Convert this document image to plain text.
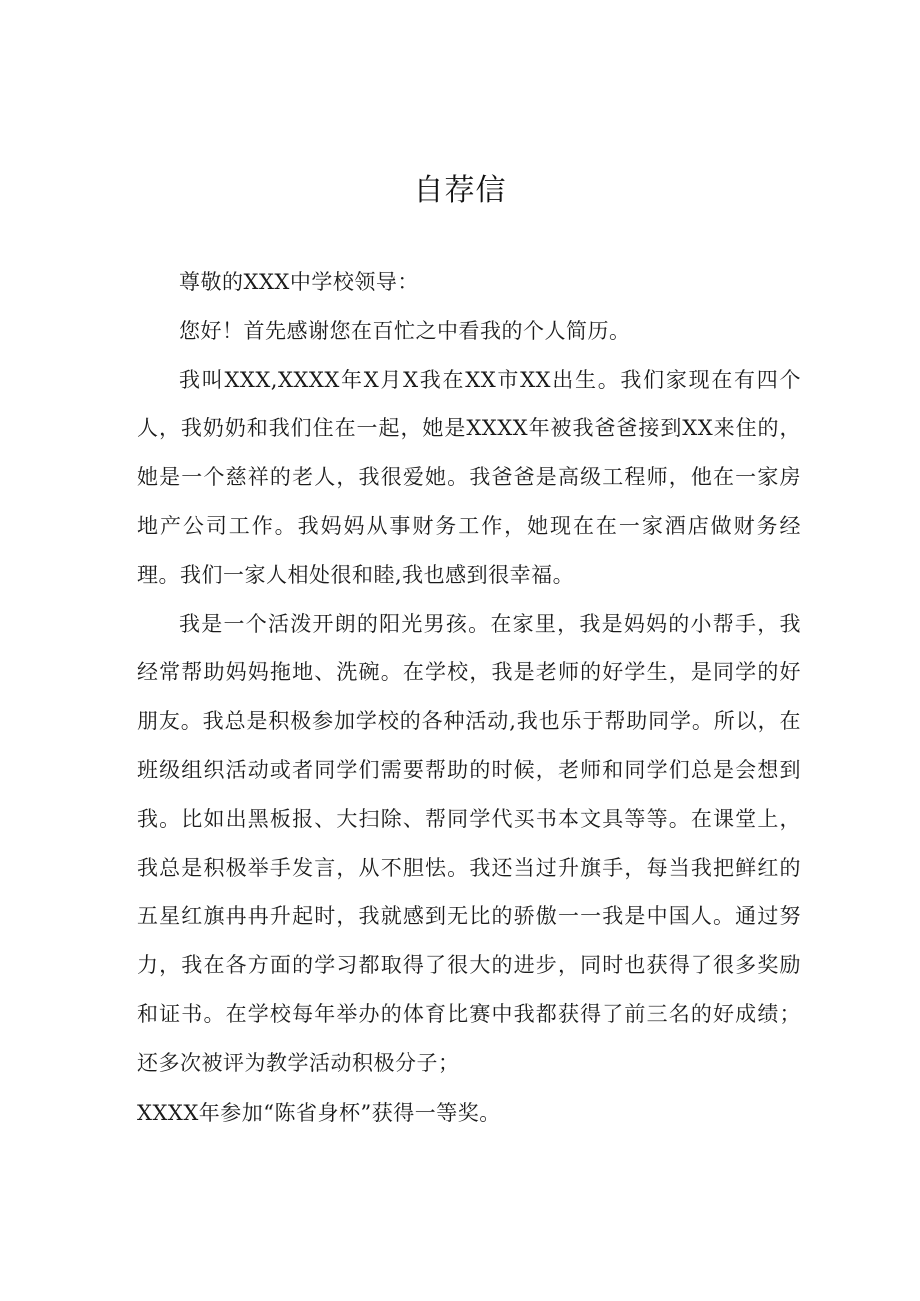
自荐信

尊敬的XXX中学校领导：

您好！首先感谢您在百忙之中看我的个人简历。

我叫XXX,XXXX年X月X我在XX市XX出生。我们家现在有四个人，我奶奶和我们住在一起，她是XXXX年被我爸爸接到XX来住的，她是一个慈祥的老人，我很爱她。我爸爸是高级工程师，他在一家房地产公司工作。我妈妈从事财务工作，她现在在一家酒店做财务经理。我们一家人相处很和睦,我也感到很幸福。

我是一个活泼开朗的阳光男孩。在家里，我是妈妈的小帮手，我经常帮助妈妈拖地、洗碗。在学校，我是老师的好学生，是同学的好朋友。我总是积极参加学校的各种活动,我也乐于帮助同学。所以，在班级组织活动或者同学们需要帮助的时候，老师和同学们总是会想到我。比如出黑板报、大扫除、帮同学代买书本文具等等。在课堂上，我总是积极举手发言，从不胆怯。我还当过升旗手，每当我把鲜红的五星红旗冉冉升起时，我就感到无比的骄傲一一我是中国人。通过努力，我在各方面的学习都取得了很大的进步，同时也获得了很多奖励和证书。在学校每年举办的体育比赛中我都获得了前三名的好成绩；还多次被评为教学活动积极分子；

XXXX年参加“陈省身杯”获得一等奖。
